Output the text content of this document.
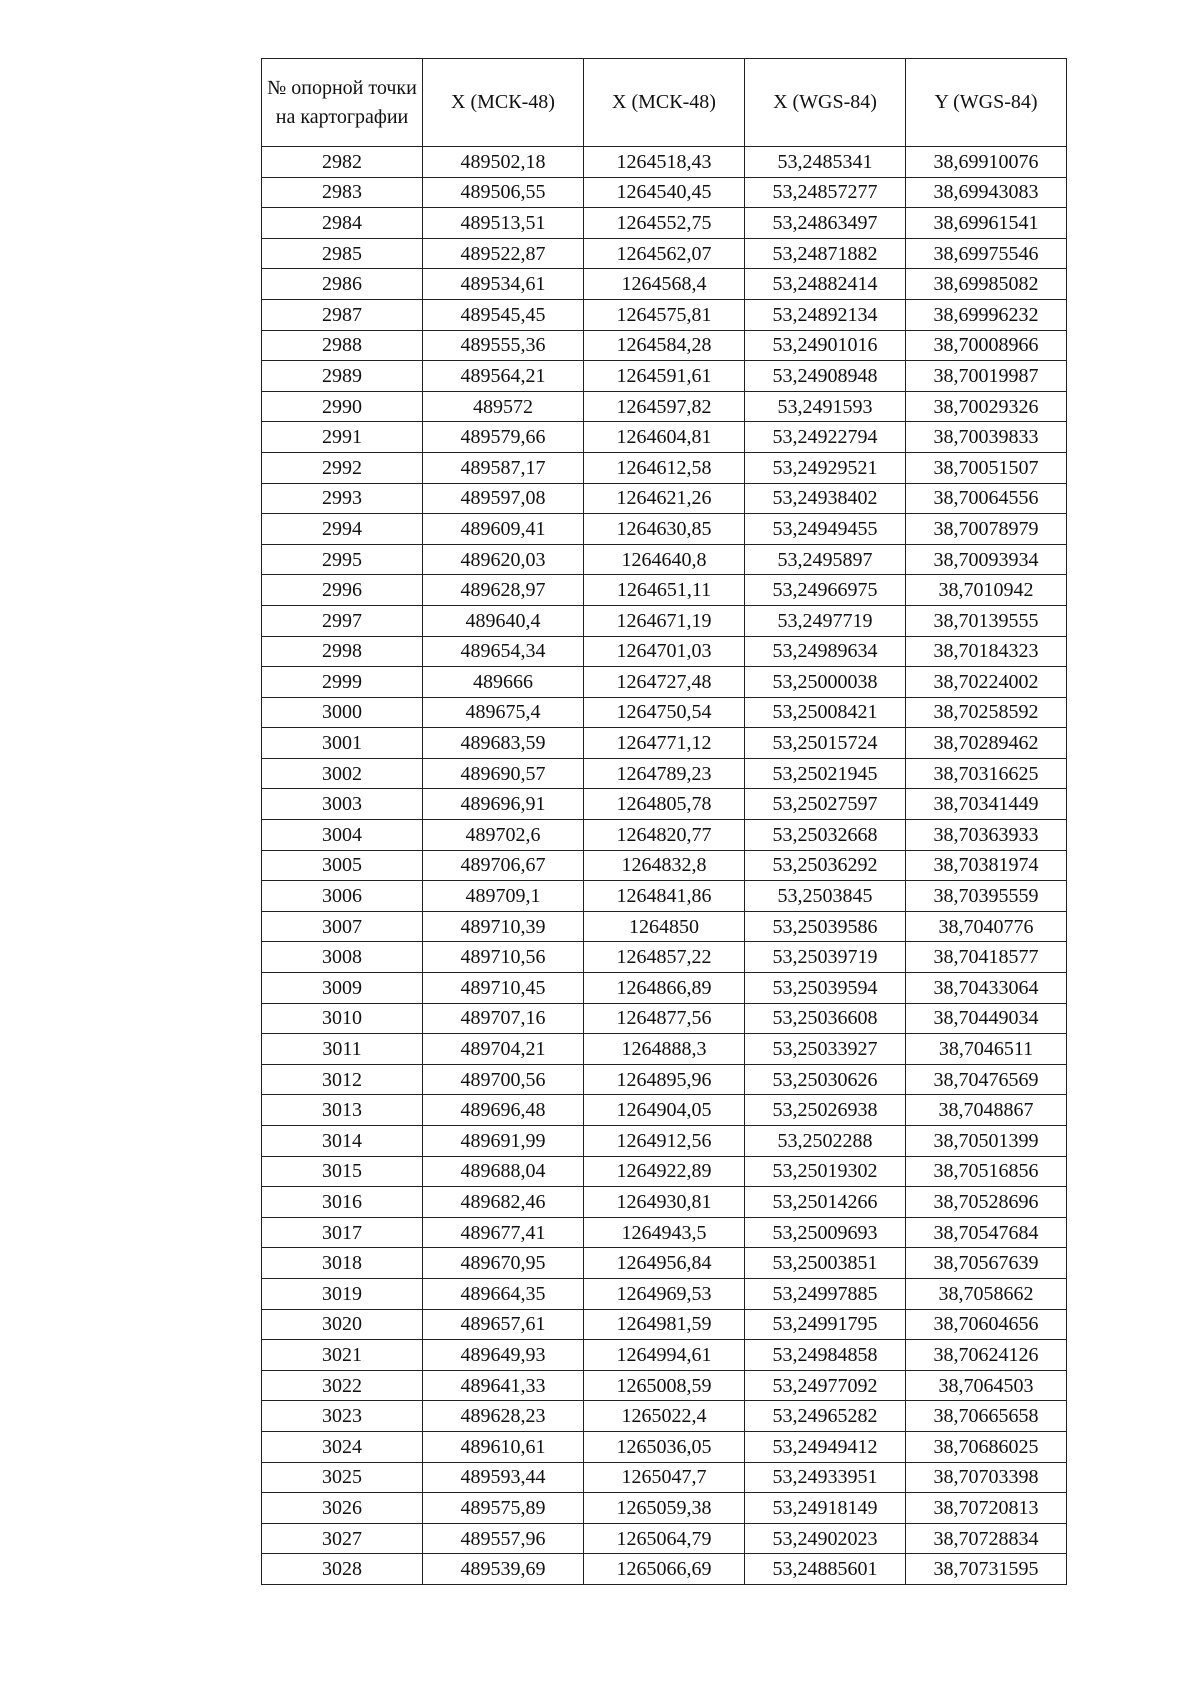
№ опорной точки на картографии	X (МСК-48)	X (МСК-48)	X (WGS-84)	Y (WGS-84)
2982	489502,18	1264518,43	53,2485341	38,69910076
2983	489506,55	1264540,45	53,24857277	38,69943083
2984	489513,51	1264552,75	53,24863497	38,69961541
2985	489522,87	1264562,07	53,24871882	38,69975546
2986	489534,61	1264568,4	53,24882414	38,69985082
2987	489545,45	1264575,81	53,24892134	38,69996232
2988	489555,36	1264584,28	53,24901016	38,70008966
2989	489564,21	1264591,61	53,24908948	38,70019987
2990	489572	1264597,82	53,2491593	38,70029326
2991	489579,66	1264604,81	53,24922794	38,70039833
2992	489587,17	1264612,58	53,24929521	38,70051507
2993	489597,08	1264621,26	53,24938402	38,70064556
2994	489609,41	1264630,85	53,24949455	38,70078979
2995	489620,03	1264640,8	53,2495897	38,70093934
2996	489628,97	1264651,11	53,24966975	38,7010942
2997	489640,4	1264671,19	53,2497719	38,70139555
2998	489654,34	1264701,03	53,24989634	38,70184323
2999	489666	1264727,48	53,25000038	38,70224002
3000	489675,4	1264750,54	53,25008421	38,70258592
3001	489683,59	1264771,12	53,25015724	38,70289462
3002	489690,57	1264789,23	53,25021945	38,70316625
3003	489696,91	1264805,78	53,25027597	38,70341449
3004	489702,6	1264820,77	53,25032668	38,70363933
3005	489706,67	1264832,8	53,25036292	38,70381974
3006	489709,1	1264841,86	53,2503845	38,70395559
3007	489710,39	1264850	53,25039586	38,7040776
3008	489710,56	1264857,22	53,25039719	38,70418577
3009	489710,45	1264866,89	53,25039594	38,70433064
3010	489707,16	1264877,56	53,25036608	38,70449034
3011	489704,21	1264888,3	53,25033927	38,7046511
3012	489700,56	1264895,96	53,25030626	38,70476569
3013	489696,48	1264904,05	53,25026938	38,7048867
3014	489691,99	1264912,56	53,2502288	38,70501399
3015	489688,04	1264922,89	53,25019302	38,70516856
3016	489682,46	1264930,81	53,25014266	38,70528696
3017	489677,41	1264943,5	53,25009693	38,70547684
3018	489670,95	1264956,84	53,25003851	38,70567639
3019	489664,35	1264969,53	53,24997885	38,7058662
3020	489657,61	1264981,59	53,24991795	38,70604656
3021	489649,93	1264994,61	53,24984858	38,70624126
3022	489641,33	1265008,59	53,24977092	38,7064503
3023	489628,23	1265022,4	53,24965282	38,70665658
3024	489610,61	1265036,05	53,24949412	38,70686025
3025	489593,44	1265047,7	53,24933951	38,70703398
3026	489575,89	1265059,38	53,24918149	38,70720813
3027	489557,96	1265064,79	53,24902023	38,70728834
3028	489539,69	1265066,69	53,24885601	38,70731595
